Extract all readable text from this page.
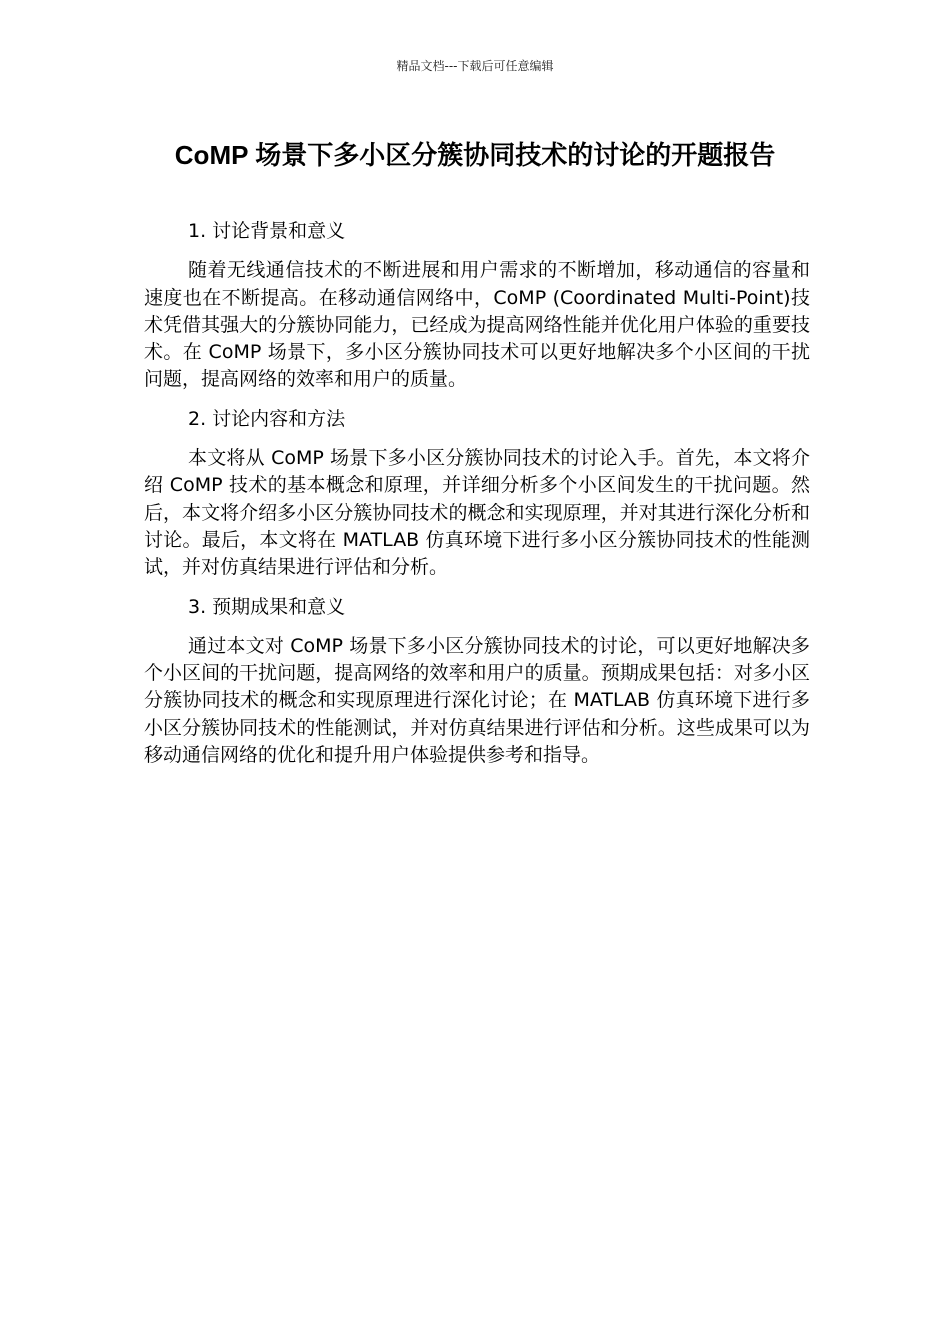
精品文档---下载后可任意编辑
CoMP 场景下多小区分簇协同技术的讨论的开题报告

1. 讨论背景和意义

随着无线通信技术的不断进展和用户需求的不断增加，移动通信的容量和速度也在不断提高。在移动通信网络中，CoMP (Coordinated Multi-Point)技术凭借其强大的分簇协同能力，已经成为提高网络性能并优化用户体验的重要技术。在 CoMP 场景下，多小区分簇协同技术可以更好地解决多个小区间的干扰问题，提高网络的效率和用户的质量。

2. 讨论内容和方法

本文将从 CoMP 场景下多小区分簇协同技术的讨论入手。首先，本文将介绍 CoMP 技术的基本概念和原理，并详细分析多个小区间发生的干扰问题。然后，本文将介绍多小区分簇协同技术的概念和实现原理，并对其进行深化分析和讨论。最后，本文将在 MATLAB 仿真环境下进行多小区分簇协同技术的性能测试，并对仿真结果进行评估和分析。

3. 预期成果和意义

通过本文对 CoMP 场景下多小区分簇协同技术的讨论，可以更好地解决多个小区间的干扰问题，提高网络的效率和用户的质量。预期成果包括：对多小区分簇协同技术的概念和实现原理进行深化讨论；在 MATLAB 仿真环境下进行多小区分簇协同技术的性能测试，并对仿真结果进行评估和分析。这些成果可以为移动通信网络的优化和提升用户体验提供参考和指导。
